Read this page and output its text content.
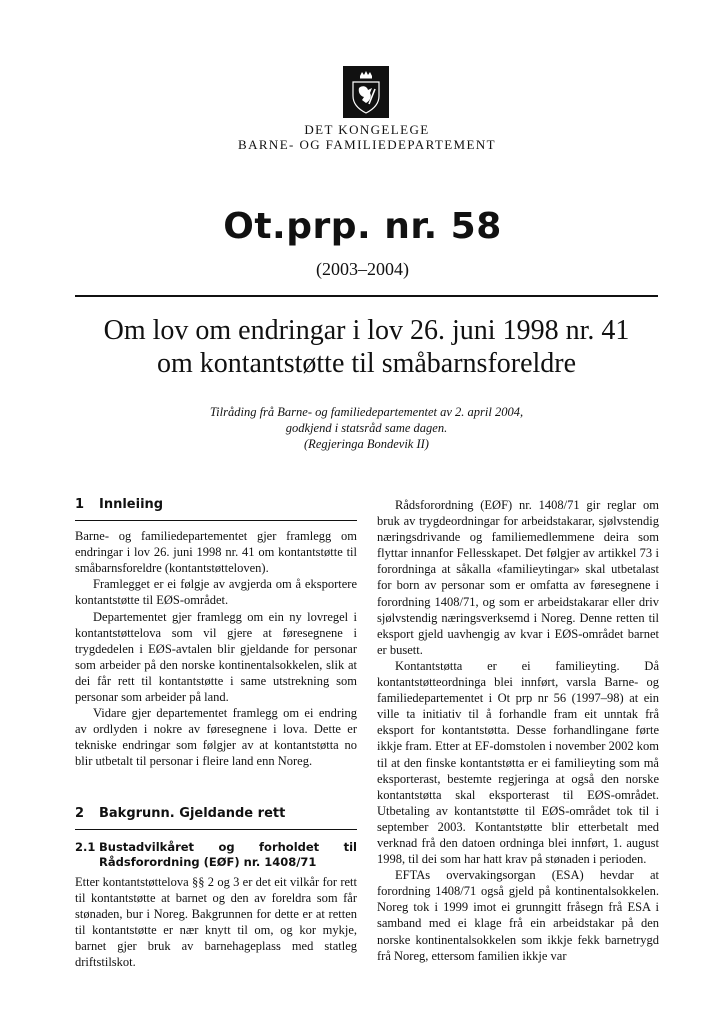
DET KONGELEGE
BARNE- OG FAMILIEDEPARTEMENT
Ot.prp. nr. 58
(2003–2004)
Om lov om endringar i lov 26. juni 1998 nr. 41
om kontantstøtte til småbarnsforeldre
Tilråding frå Barne- og familiedepartementet av 2. april 2004,
godkjend i statsråd same dagen.
(Regjeringa Bondevik II)
1	Innleiing

Barne- og familiedepartementet gjer framlegg om endringar i lov 26. juni 1998 nr. 41 om kontantstøtte til småbarnsforeldre (kontantstøtteloven).

Framlegget er ei følgje av avgjerda om å eksportere kontantstøtte til EØS-området.

Departementet gjer framlegg om ein ny lovregel i kontantstøttelova som vil gjere at føresegnene i trygdedelen i EØS-avtalen blir gjeldande for personar som arbeider på den norske kontinentalsokkelen, slik at dei får rett til kontantstøtte i same utstrekning som personar som arbeider på land.

Vidare gjer departementet framlegg om ei endring av ordlyden i nokre av føresegnene i lova. Dette er tekniske endringar som følgjer av at kontantstøtta no blir utbetalt til personar i fleire land enn Noreg.

2	Bakgrunn. Gjeldande rett
2.1 Bustadvilkåret og forholdet til Rådsforordning (EØF) nr. 1408/71

Etter kontantstøttelova §§ 2 og 3 er det eit vilkår for rett til kontantstøtte at barnet og den av foreldra som får stønaden, bur i Noreg. Bakgrunnen for dette er at retten til kontantstøtte er nær knytt til om, og kor mykje, barnet gjer bruk av barnehageplass med statleg driftstilskot.

Rådsforordning (EØF) nr. 1408/71 gir reglar om bruk av trygdeordningar for arbeidstakarar, sjølvstendig næringsdrivande og familiemedlemmene deira som flyttar innanfor Fellesskapet. Det følgjer av artikkel 73 i forordninga at såkalla «familieytingar» skal utbetalast for born av personar som er omfatta av føresegnene i forordning 1408/71, og som er arbeidstakarar eller driv sjølvstendig næringsverksemd i Noreg. Denne retten til eksport gjeld uavhengig av kvar i EØS-området barnet er busett.

Kontantstøtta er ei familieyting. Då kontantstøtteordninga blei innført, varsla Barne- og familiedepartementet i Ot prp nr 56 (1997–98) at ein ville ta initiativ til å forhandle fram eit unntak frå eksport for kontantstøtta. Desse forhandlingane førte ikkje fram. Etter at EF-domstolen i november 2002 kom til at den finske kontantstøtta er ei familieyting som må eksporterast, bestemte regjeringa at også den norske kontantstøtta skal eksporterast til EØS-området. Utbetaling av kontantstøtte til EØS-området tok til i september 2003. Kontantstøtte blir etterbetalt med verknad frå den datoen ordninga blei innført, 1. august 1998, til dei som har hatt krav på stønaden i perioden.

EFTAs overvakingsorgan (ESA) hevdar at forordning 1408/71 også gjeld på kontinentalsokkelen. Noreg tok i 1999 imot ei grunngitt fråsegn frå ESA i samband med ei klage frå ein arbeidstakar på den norske kontinentalsokkelen som ikkje fekk barnetrygd frå Noreg, ettersom familien ikkje var
